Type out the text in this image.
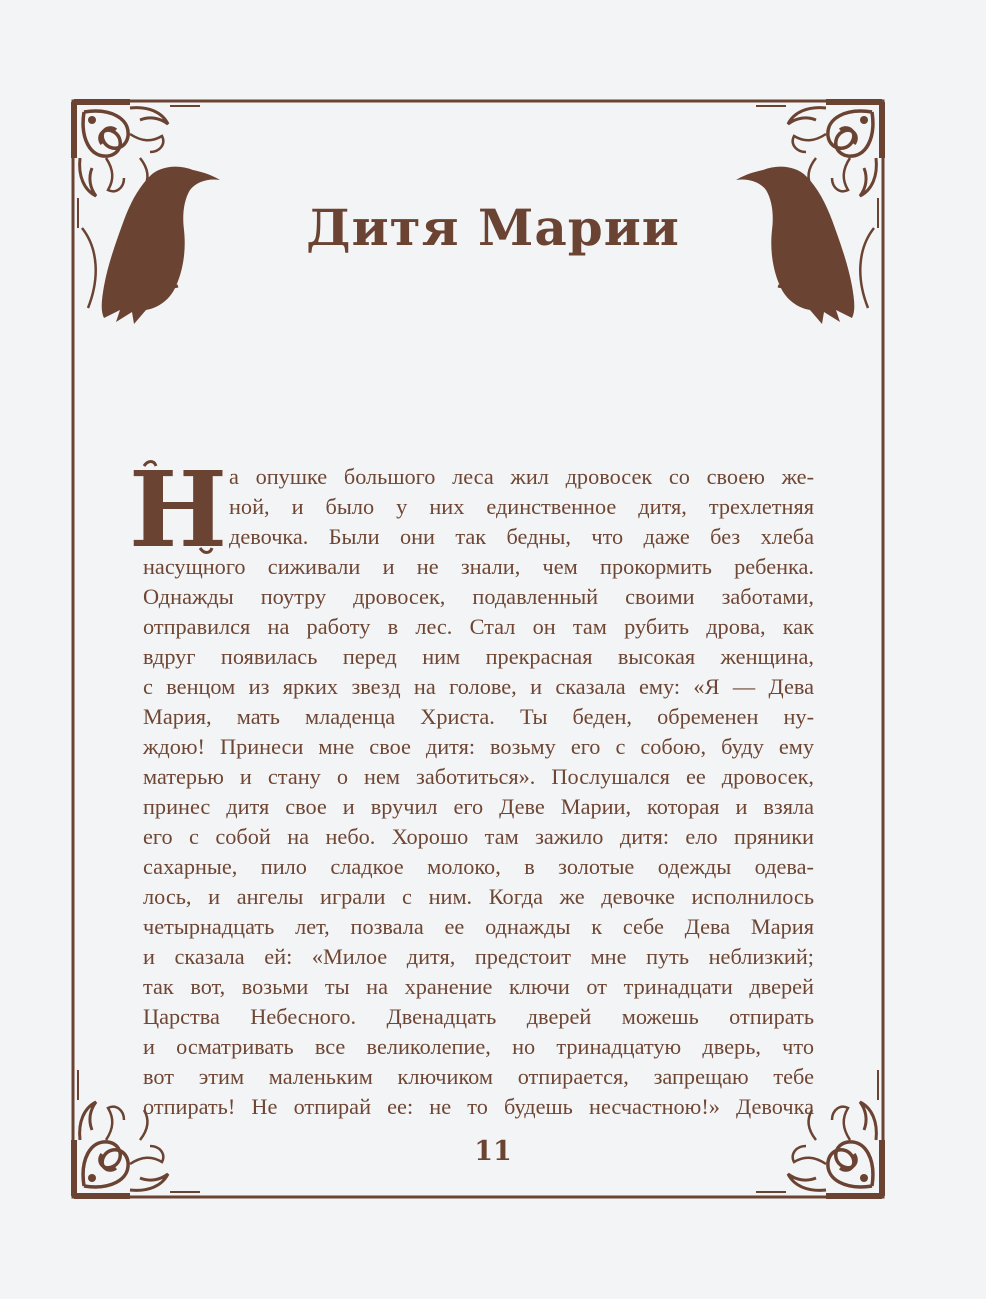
Дитя Марии
Н а опушке большого леса жил дровосек со своею же-
ной, и было у них единственное дитя, трехлетняя
девочка. Были они так бедны, что даже без хлеба
насущного сиживали и не знали, чем прокормить ребенка.
Однажды поутру дровосек, подавленный своими заботами,
отправился на работу в лес. Стал он там рубить дрова, как
вдруг появилась перед ним прекрасная высокая женщина,
с венцом из ярких звезд на голове, и сказала ему: «Я — Дева
Мария, мать младенца Христа. Ты беден, обременен ну-
ждою! Принеси мне свое дитя: возьму его с собою, буду ему
матерью и стану о нем заботиться». Послушался ее дровосек,
принес дитя свое и вручил его Деве Марии, которая и взяла
его с собой на небо. Хорошо там зажило дитя: ело пряники
сахарные, пило сладкое молоко, в золотые одежды одева-
лось, и ангелы играли с ним. Когда же девочке исполнилось
четырнадцать лет, позвала ее однажды к себе Дева Мария
и сказала ей: «Милое дитя, предстоит мне путь неблизкий;
так вот, возьми ты на хранение ключи от тринадцати дверей
Царства Небесного. Двенадцать дверей можешь отпирать
и осматривать все великолепие, но тринадцатую дверь, что
вот этим маленьким ключиком отпирается, запрещаю тебе
отпирать! Не отпирай ее: не то будешь несчастною!» Девочка
11
